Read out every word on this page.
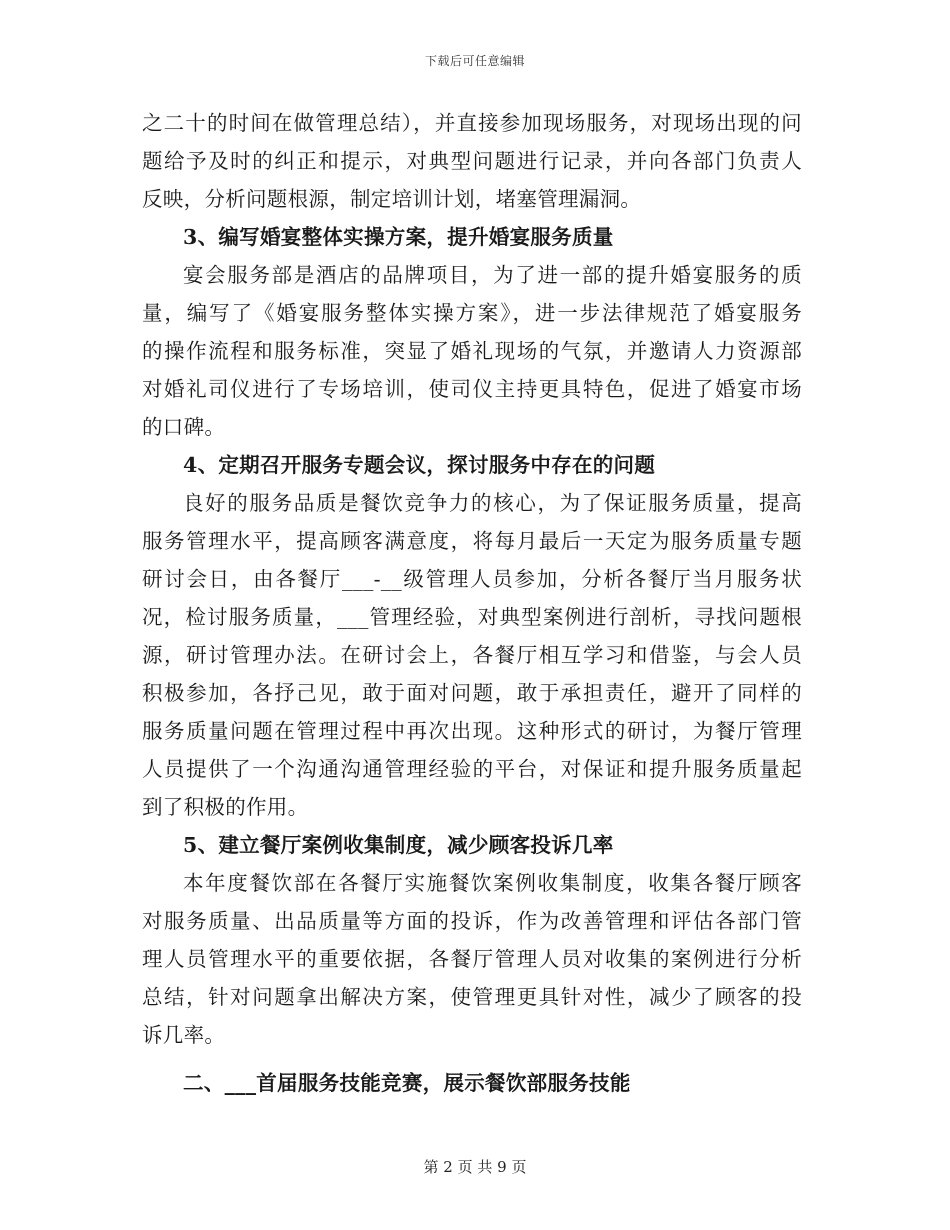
下载后可任意编辑
之二十的时间在做管理总结），并直接参加现场服务，对现场出现的问
题给予及时的纠正和提示，对典型问题进行记录，并向各部门负责人
反映，分析问题根源，制定培训计划，堵塞管理漏洞。
3、编写婚宴整体实操方案，提升婚宴服务质量
宴会服务部是酒店的品牌项目，为了进一部的提升婚宴服务的质
量，编写了《婚宴服务整体实操方案》，进一步法律规范了婚宴服务
的操作流程和服务标准，突显了婚礼现场的气氛，并邀请人力资源部
对婚礼司仪进行了专场培训，使司仪主持更具特色，促进了婚宴市场
的口碑。
4、定期召开服务专题会议，探讨服务中存在的问题
良好的服务品质是餐饮竞争力的核心，为了保证服务质量，提高
服务管理水平，提高顾客满意度，将每月最后一天定为服务质量专题
研讨会日，由各餐厅___-__级管理人员参加，分析各餐厅当月服务状
况，检讨服务质量，___管理经验，对典型案例进行剖析，寻找问题根
源，研讨管理办法。在研讨会上，各餐厅相互学习和借鉴，与会人员
积极参加，各抒己见，敢于面对问题，敢于承担责任，避开了同样的
服务质量问题在管理过程中再次出现。这种形式的研讨，为餐厅管理
人员提供了一个沟通沟通管理经验的平台，对保证和提升服务质量起
到了积极的作用。
5、建立餐厅案例收集制度，减少顾客投诉几率
本年度餐饮部在各餐厅实施餐饮案例收集制度，收集各餐厅顾客
对服务质量、出品质量等方面的投诉，作为改善管理和评估各部门管
理人员管理水平的重要依据，各餐厅管理人员对收集的案例进行分析
总结，针对问题拿出解决方案，使管理更具针对性，减少了顾客的投
诉几率。
二、___首届服务技能竞赛，展示餐饮部服务技能
第 2 页 共 9 页
